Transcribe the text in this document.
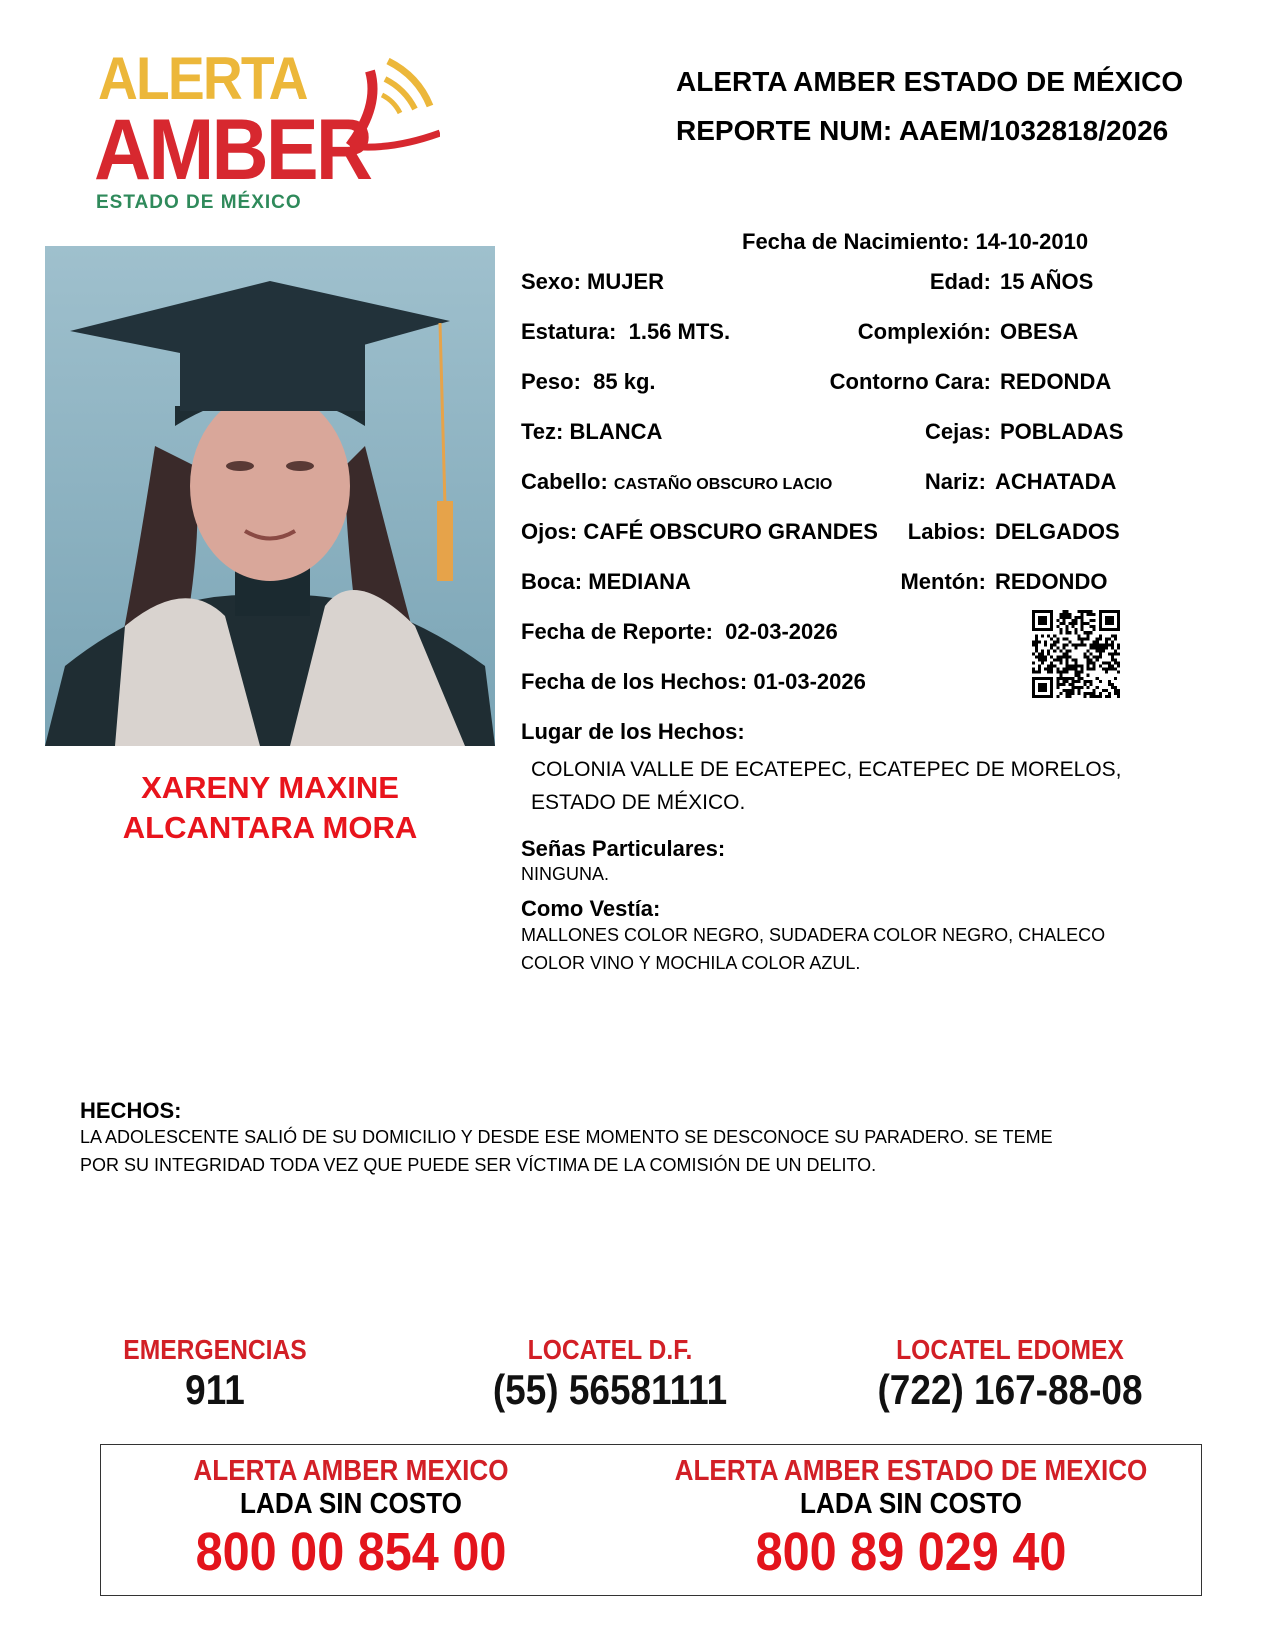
ALERTA
AMBER
ESTADO DE MÉXICO
ALERTA AMBER ESTADO DE MÉXICO
REPORTE NUM: AAEM/1032818/2026
XARENY MAXINE
ALCANTARA MORA
Fecha de Nacimiento: 14-10-2010
Sexo: MUJER	Edad: 15 AÑOS
Estatura: 1.56 MTS.	Complexión: OBESA
Peso: 85 kg.	Contorno Cara: REDONDA
Tez: BLANCA	Cejas: POBLADAS
Cabello: CASTAÑO OBSCURO LACIO	Nariz: ACHATADA
Ojos: CAFÉ OBSCURO GRANDES	Labios: DELGADOS
Boca: MEDIANA	Mentón: REDONDO
Fecha de Reporte: 02-03-2026
Fecha de los Hechos: 01-03-2026
Lugar de los Hechos:
COLONIA VALLE DE ECATEPEC, ECATEPEC DE MORELOS,
ESTADO DE MÉXICO.
Señas Particulares:
NINGUNA.
Como Vestía:
MALLONES COLOR NEGRO, SUDADERA COLOR NEGRO, CHALECO
COLOR VINO Y MOCHILA COLOR AZUL.
HECHOS:
LA ADOLESCENTE SALIÓ DE SU DOMICILIO Y DESDE ESE MOMENTO SE DESCONOCE SU PARADERO. SE TEME
POR SU INTEGRIDAD TODA VEZ QUE PUEDE SER VÍCTIMA DE LA COMISIÓN DE UN DELITO.
EMERGENCIAS
911
LOCATEL D.F.
(55) 56581111
LOCATEL EDOMEX
(722) 167-88-08
ALERTA AMBER MEXICO
LADA SIN COSTO
800 00 854 00
ALERTA AMBER ESTADO DE MEXICO
LADA SIN COSTO
800 89 029 40
